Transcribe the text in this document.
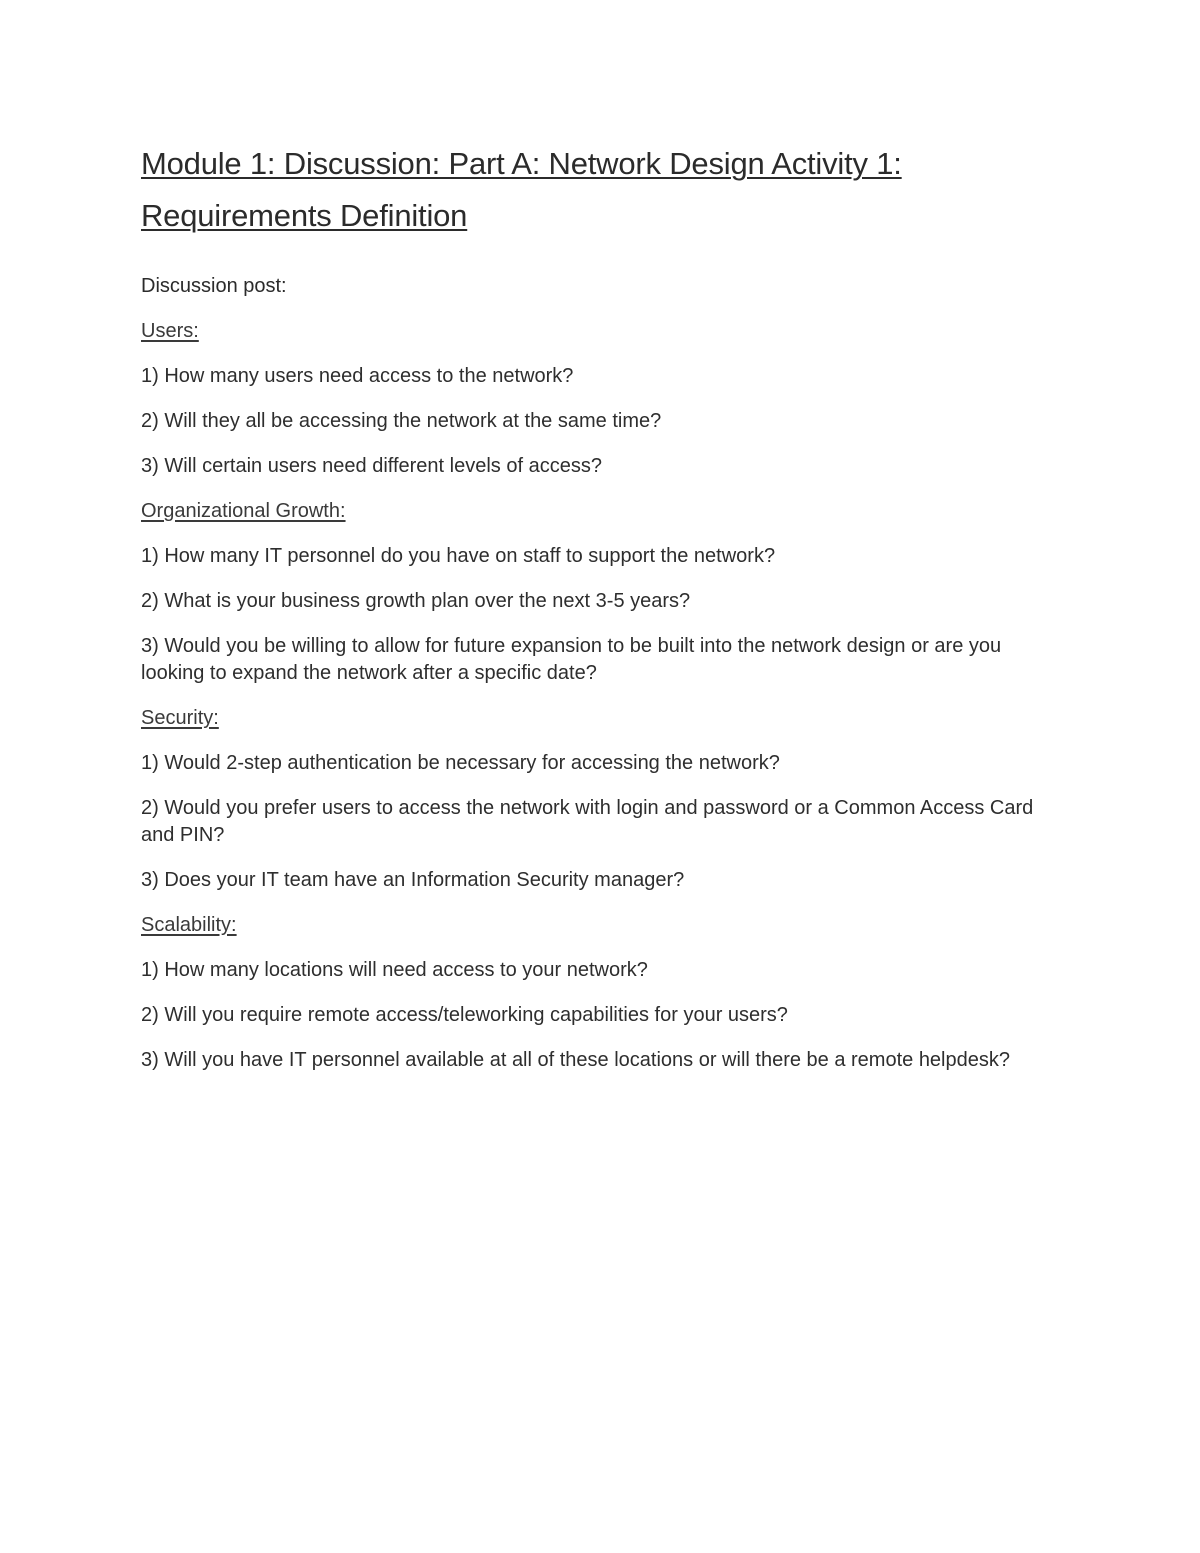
Module 1: Discussion: Part A: Network Design Activity 1: Requirements Definition

Discussion post:

Users:

1) How many users need access to the network?

2) Will they all be accessing the network at the same time?

3) Will certain users need different levels of access?

Organizational Growth:

1) How many IT personnel do you have on staff to support the network?

2) What is your business growth plan over the next 3-5 years?

3) Would you be willing to allow for future expansion to be built into the network design or are you looking to expand the network after a specific date?

Security:

1) Would 2-step authentication be necessary for accessing the network?

2) Would you prefer users to access the network with login and password or a Common Access Card and PIN?

3) Does your IT team have an Information Security manager?

Scalability:

1) How many locations will need access to your network?

2) Will you require remote access/teleworking capabilities for your users?

3) Will you have IT personnel available at all of these locations or will there be a remote helpdesk?
